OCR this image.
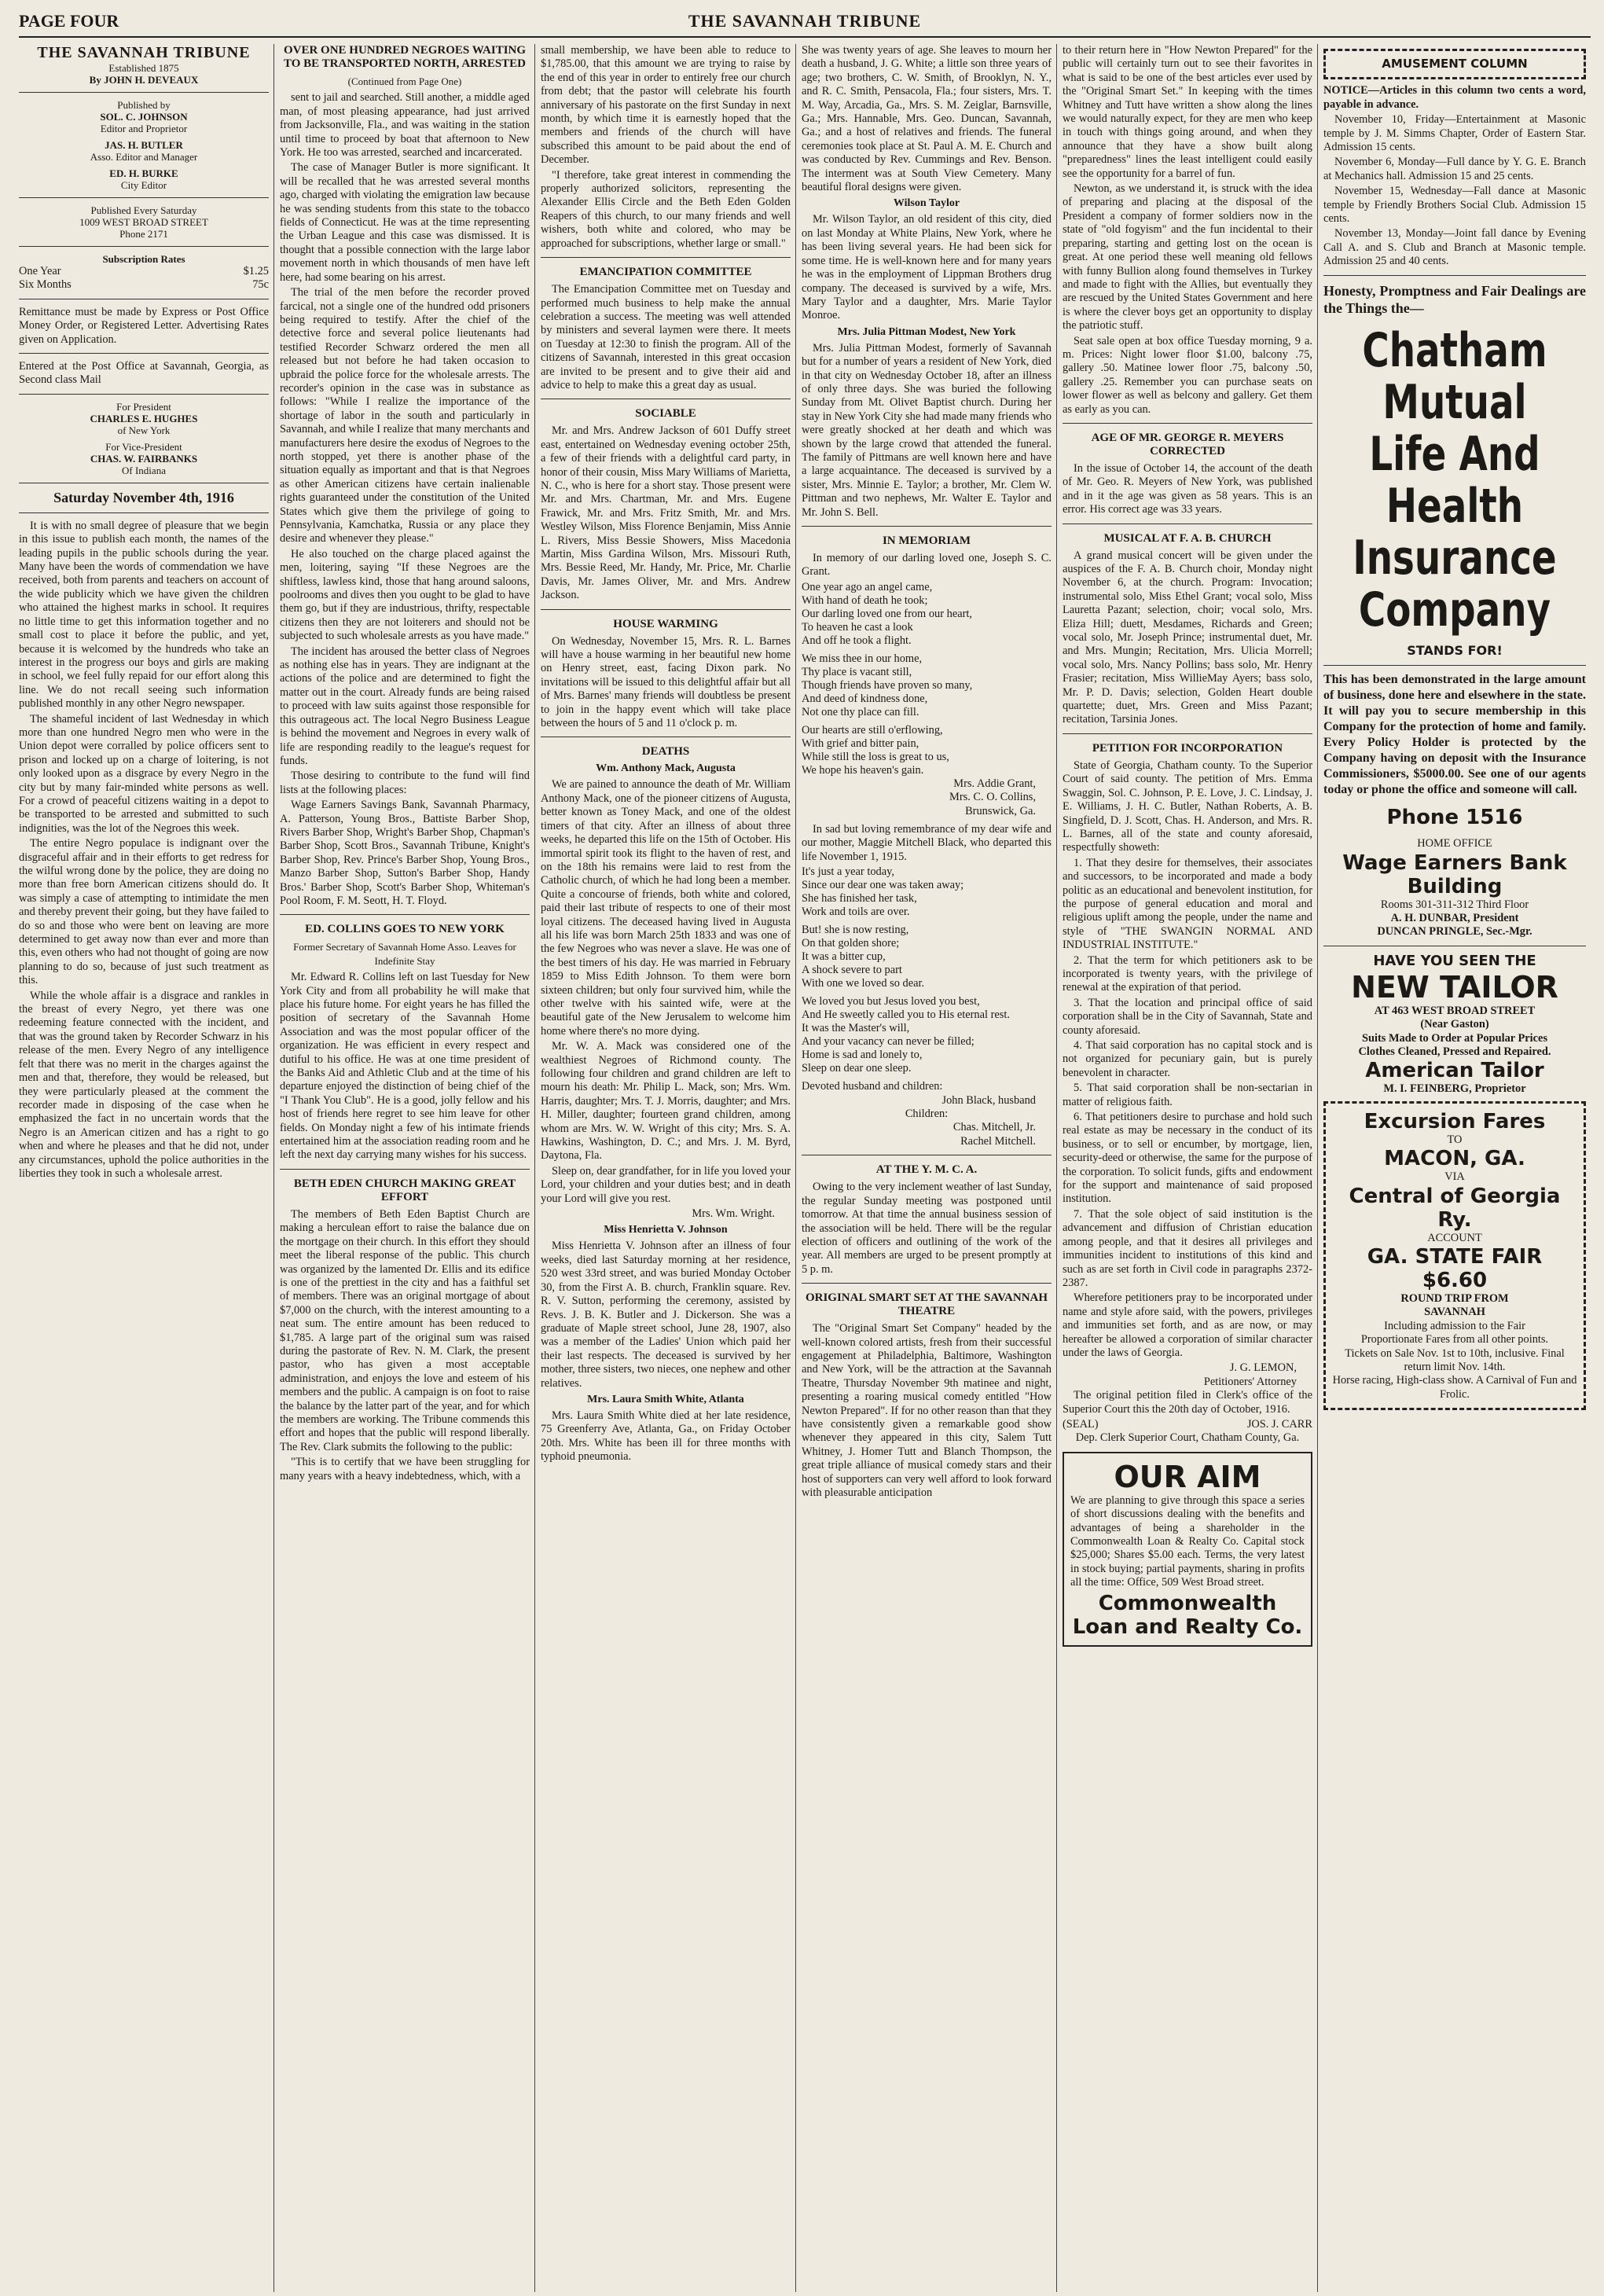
PAGE FOUR	THE SAVANNAH TRIBUNE
THE SAVANNAH TRIBUNE
Established 1875
By JOHN H. DEVEAUX
Published by
SOL. C. JOHNSON
Editor and Proprietor
JAS. H. BUTLER
Asso. Editor and Manager
ED. H. BURKE
City Editor
Published Every Saturday
1009 WEST BROAD STREET
Phone 2171
Subscription Rates
One Year	$1.25
Six Months	75c

Remittance must be made by Express or Post Office Money Order, or Registered Letter. Advertising Rates given on Application.

Entered at the Post Office at Savannah, Georgia, as Second class Mail

For President
CHARLES E. HUGHES
of New York
For Vice-President
CHAS. W. FAIRBANKS
Of Indiana
Saturday November 4th, 1916

It is with no small degree of pleasure that we begin in this issue to publish each month, the names of the leading pupils in the public schools during the year. Many have been the words of commendation we have received, both from parents and teachers on account of the wide publicity which we have given the children who attained the highest marks in school. It requires no little time to get this information together and no small cost to place it before the public, and yet, because it is welcomed by the hundreds who take an interest in the progress our boys and girls are making in school, we feel fully repaid for our effort along this line. We do not recall seeing such information published monthly in any other Negro newspaper.

The shameful incident of last Wednesday in which more than one hundred Negro men who were in the Union depot were corralled by police officers sent to prison and locked up on a charge of loitering, is not only looked upon as a disgrace by every Negro in the city but by many fair-minded white persons as well. For a crowd of peaceful citizens waiting in a depot to be transported to be arrested and submitted to such indignities, was the lot of the Negroes this week.

The entire Negro populace is indignant over the disgraceful affair and in their efforts to get redress for the wilful wrong done by the police, they are doing no more than free born American citizens should do. It was simply a case of attempting to intimidate the men and thereby prevent their going, but they have failed to do so and those who were bent on leaving are more determined to get away now than ever and more than this, even others who had not thought of going are now planning to do so, because of just such treatment as this.

While the whole affair is a disgrace and rankles in the breast of every Negro, yet there was one redeeming feature connected with the incident, and that was the ground taken by Recorder Schwarz in his release of the men. Every Negro of any intelligence felt that there was no merit in the charges against the men and that, therefore, they would be released, but they were particularly pleased at the comment the recorder made in disposing of the case when he emphasized the fact in no uncertain words that the Negro is an American citizen and has a right to go when and where he pleases and that he did not, under any circumstances, uphold the police authorities in the liberties they took in such a wholesale arrest.

OVER ONE HUNDRED NEGROES WAITING TO BE TRANSPORTED NORTH, ARRESTED
(Continued from Page One)

sent to jail and searched. Still another, a middle aged man, of most pleasing appearance, had just arrived from Jacksonville, Fla., and was waiting in the station until time to proceed by boat that afternoon to New York. He too was arrested, searched and incarcerated.

The case of Manager Butler is more significant. It will be recalled that he was arrested several months ago, charged with violating the emigration law because he was sending students from this state to the tobacco fields of Connecticut. He was at the time representing the Urban League and this case was dismissed. It is thought that a possible connection with the large labor movement north in which thousands of men have left here, had some bearing on his arrest.

The trial of the men before the recorder proved farcical, not a single one of the hundred odd prisoners being required to testify. After the chief of the detective force and several police lieutenants had testified Recorder Schwarz ordered the men all released but not before he had taken occasion to upbraid the police force for the wholesale arrests. The recorder's opinion in the case was in substance as follows: "While I realize the importance of the shortage of labor in the south and particularly in Savannah, and while I realize that many merchants and manufacturers here desire the exodus of Negroes to the north stopped, yet there is another phase of the situation equally as important and that is that Negroes as other American citizens have certain inalienable rights guaranteed under the constitution of the United States which give them the privilege of going to Pennsylvania, Kamchatka, Russia or any place they desire and whenever they please."

He also touched on the charge placed against the men, loitering, saying "If these Negroes are the shiftless, lawless kind, those that hang around saloons, poolrooms and dives then you ought to be glad to have them go, but if they are industrious, thrifty, respectable citizens then they are not loiterers and should not be subjected to such wholesale arrests as you have made."

The incident has aroused the better class of Negroes as nothing else has in years. They are indignant at the actions of the police and are determined to fight the matter out in the court. Already funds are being raised to proceed with law suits against those responsible for this outrageous act. The local Negro Business League is behind the movement and Negroes in every walk of life are responding readily to the league's request for funds.

Those desiring to contribute to the fund will find lists at the following places:

Wage Earners Savings Bank, Savannah Pharmacy, A. Patterson, Young Bros., Battiste Barber Shop, Rivers Barber Shop, Wright's Barber Shop, Chapman's Barber Shop, Scott Bros., Savannah Tribune, Knight's Barber Shop, Rev. Prince's Barber Shop, Young Bros., Manzo Barber Shop, Sutton's Barber Shop, Handy Bros.' Barber Shop, Scott's Barber Shop, Whiteman's Pool Room, F. M. Seott, H. T. Floyd.

ED. COLLINS GOES TO NEW YORK
Former Secretary of Savannah Home Asso. Leaves for Indefinite Stay

Mr. Edward R. Collins left on last Tuesday for New York City and from all probability he will make that place his future home. For eight years he has filled the position of secretary of the Savannah Home Association and was the most popular officer of the organization. He was efficient in every respect and dutiful to his office. He was at one time president of the Banks Aid and Athletic Club and at the time of his departure enjoyed the distinction of being chief of the "I Thank You Club". He is a good, jolly fellow and his host of friends here regret to see him leave for other fields. On Monday night a few of his intimate friends entertained him at the association reading room and he left the next day carrying many wishes for his success.

BETH EDEN CHURCH MAKING GREAT EFFORT

The members of Beth Eden Baptist Church are making a herculean effort to raise the balance due on the mortgage on their church. In this effort they should meet the liberal response of the public. This church was organized by the lamented Dr. Ellis and its edifice is one of the prettiest in the city and has a faithful set of members. There was an original mortgage of about $7,000 on the church, with the interest amounting to a neat sum. The entire amount has been reduced to $1,785. A large part of the original sum was raised during the pastorate of Rev. N. M. Clark, the present pastor, who has given a most acceptable administration, and enjoys the love and esteem of his members and the public. A campaign is on foot to raise the balance by the latter part of the year, and for which the members are working. The Tribune commends this effort and hopes that the public will respond liberally. The Rev. Clark submits the following to the public:

"This is to certify that we have been struggling for many years with a heavy indebtedness, which, with a

small membership, we have been able to reduce to $1,785.00, that this amount we are trying to raise by the end of this year in order to entirely free our church from debt; that the pastor will celebrate his fourth anniversary of his pastorate on the first Sunday in next month, by which time it is earnestly hoped that the members and friends of the church will have subscribed this amount to be paid about the end of December.

"I therefore, take great interest in commending the properly authorized solicitors, representing the Alexander Ellis Circle and the Beth Eden Golden Reapers of this church, to our many friends and well wishers, both white and colored, who may be approached for subscriptions, whether large or small."

EMANCIPATION COMMITTEE

The Emancipation Committee met on Tuesday and performed much business to help make the annual celebration a success. The meeting was well attended by ministers and several laymen were there. It meets on Tuesday at 12:30 to finish the program. All of the citizens of Savannah, interested in this great occasion are invited to be present and to give their aid and advice to help to make this a great day as usual.

SOCIABLE

Mr. and Mrs. Andrew Jackson of 601 Duffy street east, entertained on Wednesday evening october 25th, a few of their friends with a delightful card party, in honor of their cousin, Miss Mary Williams of Marietta, N. C., who is here for a short stay. Those present were Mr. and Mrs. Chartman, Mr. and Mrs. Eugene Frawick, Mr. and Mrs. Fritz Smith, Mr. and Mrs. Westley Wilson, Miss Florence Benjamin, Miss Annie L. Rivers, Miss Bessie Showers, Miss Macedonia Martin, Miss Gardina Wilson, Mrs. Missouri Ruth, Mrs. Bessie Reed, Mr. Handy, Mr. Price, Mr. Charlie Davis, Mr. James Oliver, Mr. and Mrs. Andrew Jackson.

HOUSE WARMING

On Wednesday, November 15, Mrs. R. L. Barnes will have a house warming in her beautiful new home on Henry street, east, facing Dixon park. No invitations will be issued to this delightful affair but all of Mrs. Barnes' many friends will doubtless be present to join in the happy event which will take place between the hours of 5 and 11 o'clock p. m.

DEATHS
Wm. Anthony Mack, Augusta

We are pained to announce the death of Mr. William Anthony Mack, one of the pioneer citizens of Augusta, better known as Toney Mack, and one of the oldest timers of that city. After an illness of about three weeks, he departed this life on the 15th of October. His immortal spirit took its flight to the haven of rest, and on the 18th his remains were laid to rest from the Catholic church, of which he had long been a member. Quite a concourse of friends, both white and colored, paid their last tribute of respects to one of their most loyal citizens. The deceased having lived in Augusta all his life was born March 25th 1833 and was one of the few Negroes who was never a slave. He was one of the best timers of his day. He was married in February 1859 to Miss Edith Johnson. To them were born sixteen children; but only four survived him, while the other twelve with his sainted wife, were at the beautiful gate of the New Jerusalem to welcome him home where there's no more dying.

Mr. W. A. Mack was considered one of the wealthiest Negroes of Richmond county. The following four children and grand children are left to mourn his death: Mr. Philip L. Mack, son; Mrs. Wm. Harris, daughter; Mrs. T. J. Morris, daughter; and Mrs. H. Miller, daughter; fourteen grand children, among whom are Mrs. W. W. Wright of this city; Mrs. S. A. Hawkins, Washington, D. C.; and Mrs. J. M. Byrd, Daytona, Fla.

Sleep on, dear grandfather, for in life you loved your Lord, your children and your duties best; and in death your Lord will give you rest.

Mrs. Wm. Wright.
Miss Henrietta V. Johnson

Miss Henrietta V. Johnson after an illness of four weeks, died last Saturday morning at her residence, 520 west 33rd street, and was buried Monday October 30, from the First A. B. church, Franklin square. Rev. R. V. Sutton, performing the ceremony, assisted by Revs. J. B. K. Butler and J. Dickerson. She was a graduate of Maple street school, June 28, 1907, also was a member of the Ladies' Union which paid her their last respects. The deceased is survived by her mother, three sisters, two nieces, one nephew and other relatives.

Mrs. Laura Smith White, Atlanta

Mrs. Laura Smith White died at her late residence, 75 Greenferry Ave, Atlanta, Ga., on Friday October 20th. Mrs. White has been ill for three months with typhoid pneumonia.

She was twenty years of age. She leaves to mourn her death a husband, J. G. White; a little son three years of age; two brothers, C. W. Smith, of Brooklyn, N. Y., and R. C. Smith, Pensacola, Fla.; four sisters, Mrs. T. M. Way, Arcadia, Ga., Mrs. S. M. Zeiglar, Barnsville, Ga.; Mrs. Hannable, Mrs. Geo. Duncan, Savannah, Ga.; and a host of relatives and friends. The funeral ceremonies took place at St. Paul A. M. E. Church and was conducted by Rev. Cummings and Rev. Benson. The interment was at South View Cemetery. Many beautiful floral designs were given.

Wilson Taylor

Mr. Wilson Taylor, an old resident of this city, died on last Monday at White Plains, New York, where he has been living several years. He had been sick for some time. He is well-known here and for many years he was in the employment of Lippman Brothers drug company. The deceased is survived by a wife, Mrs. Mary Taylor and a daughter, Mrs. Marie Taylor Monroe.

Mrs. Julia Pittman Modest, New York

Mrs. Julia Pittman Modest, formerly of Savannah but for a number of years a resident of New York, died in that city on Wednesday October 18, after an illness of only three days. She was buried the following Sunday from Mt. Olivet Baptist church. During her stay in New York City she had made many friends who were greatly shocked at her death and which was shown by the large crowd that attended the funeral. The family of Pittmans are well known here and have a large acquaintance. The deceased is survived by a sister, Mrs. Minnie E. Taylor; a brother, Mr. Clem W. Pittman and two nephews, Mr. Walter E. Taylor and Mr. John S. Bell.

IN MEMORIAM

In memory of our darling loved one, Joseph S. C. Grant.

One year ago an angel came,
With hand of death he took;
Our darling loved one from our heart,
To heaven he cast a look
And off he took a flight.
We miss thee in our home,
Thy place is vacant still,
Though friends have proven so many,
And deed of kindness done,
Not one thy place can fill.
Our hearts are still o'erflowing,
With grief and bitter pain,
While still the loss is great to us,
We hope his heaven's gain.
Mrs. Addie Grant,
Mrs. C. O. Collins,
Brunswick, Ga.

In sad but loving remembrance of my dear wife and our mother, Maggie Mitchell Black, who departed this life November 1, 1915.

It's just a year today,
Since our dear one was taken away;
She has finished her task,
Work and toils are over.
But! she is now resting,
On that golden shore;
It was a bitter cup,
A shock severe to part
With one we loved so dear.
We loved you but Jesus loved you best,
And He sweetly called you to His eternal rest.
It was the Master's will,
And your vacancy can never be filled;
Home is sad and lonely to,
Sleep on dear one sleep.
Devoted husband and children:
John Black, husband
Children:
Chas. Mitchell, Jr.
Rachel Mitchell.
AT THE Y. M. C. A.

Owing to the very inclement weather of last Sunday, the regular Sunday meeting was postponed until tomorrow. At that time the annual business session of the association will be held. There will be the regular election of officers and outlining of the work of the year. All members are urged to be present promptly at 5 p. m.

ORIGINAL SMART SET AT THE SAVANNAH THEATRE

The "Original Smart Set Company" headed by the well-known colored artists, fresh from their successful engagement at Philadelphia, Baltimore, Washington and New York, will be the attraction at the Savannah Theatre, Thursday November 9th matinee and night, presenting a roaring musical comedy entitled "How Newton Prepared". If for no other reason than that they have consistently given a remarkable good show whenever they appeared in this city, Salem Tutt Whitney, J. Homer Tutt and Blanch Thompson, the great triple alliance of musical comedy stars and their host of supporters can very well afford to look forward with pleasurable anticipation

to their return here in "How Newton Prepared" for the public will certainly turn out to see their favorites in what is said to be one of the best articles ever used by the "Original Smart Set." In keeping with the times Whitney and Tutt have written a show along the lines we would naturally expect, for they are men who keep in touch with things going around, and when they announce that they have a show built along "preparedness" lines the least intelligent could easily see the opportunity for a barrel of fun.

Newton, as we understand it, is struck with the idea of preparing and placing at the disposal of the President a company of former soldiers now in the state of "old fogyism" and the fun incidental to their preparing, starting and getting lost on the ocean is great. At one period these well meaning old fellows with funny Bullion along found themselves in Turkey and made to fight with the Allies, but eventually they are rescued by the United States Government and here is where the clever boys get an opportunity to display the patriotic stuff.

Seat sale open at box office Tuesday morning, 9 a. m. Prices: Night lower floor $1.00, balcony .75, gallery .50. Matinee lower floor .75, balcony .50, gallery .25. Remember you can purchase seats on lower flower as well as belcony and gallery. Get them as early as you can.

AGE OF MR. GEORGE R. MEYERS CORRECTED

In the issue of October 14, the account of the death of Mr. Geo. R. Meyers of New York, was published and in it the age was given as 58 years. This is an error. His correct age was 33 years.

MUSICAL AT F. A. B. CHURCH

A grand musical concert will be given under the auspices of the F. A. B. Church choir, Monday night November 6, at the church. Program: Invocation; instrumental solo, Miss Ethel Grant; vocal solo, Miss Lauretta Pazant; selection, choir; vocal solo, Mrs. Eliza Hill; duett, Mesdames, Richards and Green; vocal solo, Mr. Joseph Prince; instrumental duet, Mr. and Mrs. Mungin; Recitation, Mrs. Ulicia Morrell; vocal solo, Mrs. Nancy Pollins; bass solo, Mr. Henry Frasier; recitation, Miss WillieMay Ayers; bass solo, Mr. P. D. Davis; selection, Golden Heart double quartette; duet, Mrs. Green and Miss Pazant; recitation, Tarsinia Jones.

PETITION FOR INCORPORATION

State of Georgia, Chatham county. To the Superior Court of said county. The petition of Mrs. Emma Swaggin, Sol. C. Johnson, P. E. Love, J. C. Lindsay, J. E. Williams, J. H. C. Butler, Nathan Roberts, A. B. Singfield, D. J. Scott, Chas. H. Anderson, and Mrs. R. L. Barnes, all of the state and county aforesaid, respectfully showeth:

1. That they desire for themselves, their associates and successors, to be incorporated and made a body politic as an educational and benevolent institution, for the purpose of general education and moral and religious uplift among the people, under the name and style of "THE SWANGIN NORMAL AND INDUSTRIAL INSTITUTE."

2. That the term for which petitioners ask to be incorporated is twenty years, with the privilege of renewal at the expiration of that period.

3. That the location and principal office of said corporation shall be in the City of Savannah, State and county aforesaid.

4. That said corporation has no capital stock and is not organized for pecuniary gain, but is purely benevolent in character.

5. That said corporation shall be non-sectarian in matter of religious faith.

6. That petitioners desire to purchase and hold such real estate as may be necessary in the conduct of its business, or to sell or encumber, by mortgage, lien, security-deed or otherwise, the same for the purpose of the corporation. To solicit funds, gifts and endowment for the support and maintenance of said proposed institution.

7. That the sole object of said institution is the advancement and diffusion of Christian education among people, and that it desires all privileges and immunities incident to institutions of this kind and such as are set forth in Civil code in paragraphs 2372-2387.

Wherefore petitioners pray to be incorporated under name and style afore said, with the powers, privileges and immunities set forth, and as are now, or may hereafter be allowed a corporation of similar character under the laws of Georgia.

J. G. LEMON,
Petitioners' Attorney

The original petition filed in Clerk's office of the Superior Court this the 20th day of October, 1916.

(SEAL)	JOS. J. CARR
Dep. Clerk Superior Court, Chatham County, Ga.
OUR AIM

We are planning to give through this space a series of short discussions dealing with the benefits and advantages of being a shareholder in the Commonwealth Loan & Realty Co. Capital stock $25,000; Shares $5.00 each. Terms, the very latest in stock buying; partial payments, sharing in profits all the time: Office, 509 West Broad street.

Commonwealth Loan and Realty Co.
AMUSEMENT COLUMN

NOTICE—Articles in this column two cents a word, payable in advance.

November 10, Friday—Entertainment at Masonic temple by J. M. Simms Chapter, Order of Eastern Star. Admission 15 cents.

November 6, Monday—Full dance by Y. G. E. Branch at Mechanics hall. Admission 15 and 25 cents.

November 15, Wednesday—Fall dance at Masonic temple by Friendly Brothers Social Club. Admission 15 cents.

November 13, Monday—Joint fall dance by Evening Call A. and S. Club and Branch at Masonic temple. Admission 25 and 40 cents.

Honesty, Promptness and Fair Dealings are the Things the—
Chatham
Mutual
Life And
Health
Insurance
Company
STANDS FOR!

This has been demonstrated in the large amount of business, done here and elsewhere in the state. It will pay you to secure membership in this Company for the protection of home and family. Every Policy Holder is protected by the Company having on deposit with the Insurance Commissioners, $5000.00. See one of our agents today or phone the office and someone will call.

Phone 1516
HOME OFFICE
Wage Earners Bank
Building
Rooms 301-311-312 Third Floor
A. H. DUNBAR, President
DUNCAN PRINGLE, Sec.-Mgr.
HAVE YOU SEEN THE
NEW TAILOR
AT 463 WEST BROAD STREET
(Near Gaston)
Suits Made to Order at Popular Prices
Clothes Cleaned, Pressed and Repaired.
American Tailor
M. I. FEINBERG, Proprietor
Excursion Fares
TO
MACON, GA.
VIA
Central of Georgia Ry.
ACCOUNT
GA. STATE FAIR
$6.60
ROUND TRIP FROM
SAVANNAH
Including admission to the Fair
Proportionate Fares from all other points.
Tickets on Sale Nov. 1st to 10th, inclusive. Final return limit Nov. 14th.
Horse racing, High-class show. A Carnival of Fun and Frolic.
